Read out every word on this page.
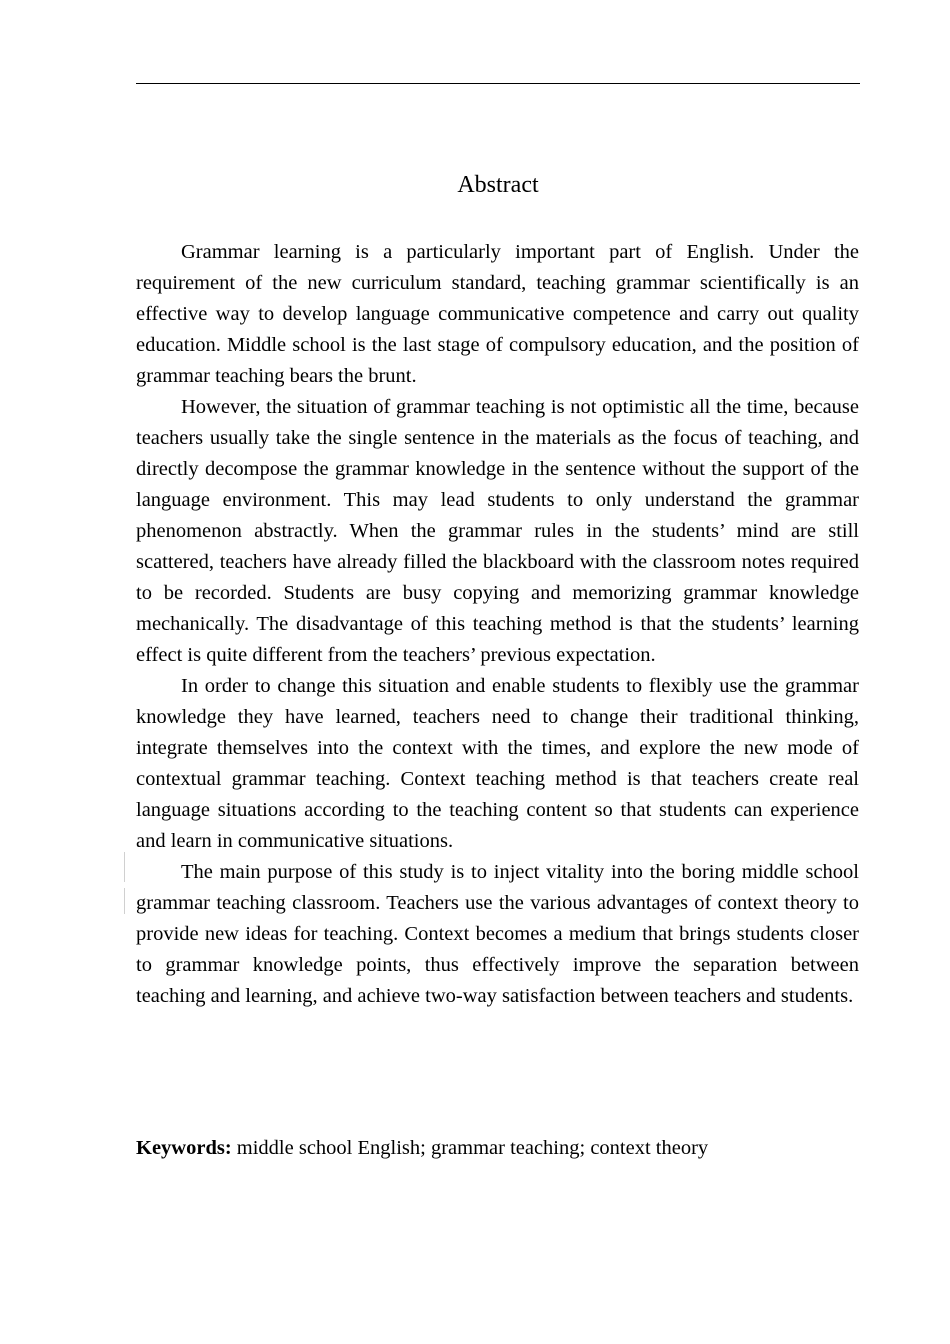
Abstract

Grammar learning is a particularly important part of English. Under the requirement of the new curriculum standard, teaching grammar scientifically is an effective way to develop language communicative competence and carry out quality education. Middle school is the last stage of compulsory education, and the position of grammar teaching bears the brunt.

However, the situation of grammar teaching is not optimistic all the time, because teachers usually take the single sentence in the materials as the focus of teaching, and directly decompose the grammar knowledge in the sentence without the support of the language environment. This may lead students to only understand the grammar phenomenon abstractly. When the grammar rules in the students’ mind are still scattered, teachers have already filled the blackboard with the classroom notes required to be recorded. Students are busy copying and memorizing grammar knowledge mechanically. The disadvantage of this teaching method is that the students’ learning effect is quite different from the teachers’ previous expectation.

In order to change this situation and enable students to flexibly use the grammar knowledge they have learned, teachers need to change their traditional thinking, integrate themselves into the context with the times, and explore the new mode of contextual grammar teaching. Context teaching method is that teachers create real language situations according to the teaching content so that students can experience and learn in communicative situations.

The main purpose of this study is to inject vitality into the boring middle school grammar teaching classroom. Teachers use the various advantages of context theory to provide new ideas for teaching. Context becomes a medium that brings students closer to grammar knowledge points, thus effectively improve the separation between teaching and learning, and achieve two-way satisfaction between teachers and students.

Keywords: middle school English; grammar teaching; context theory
